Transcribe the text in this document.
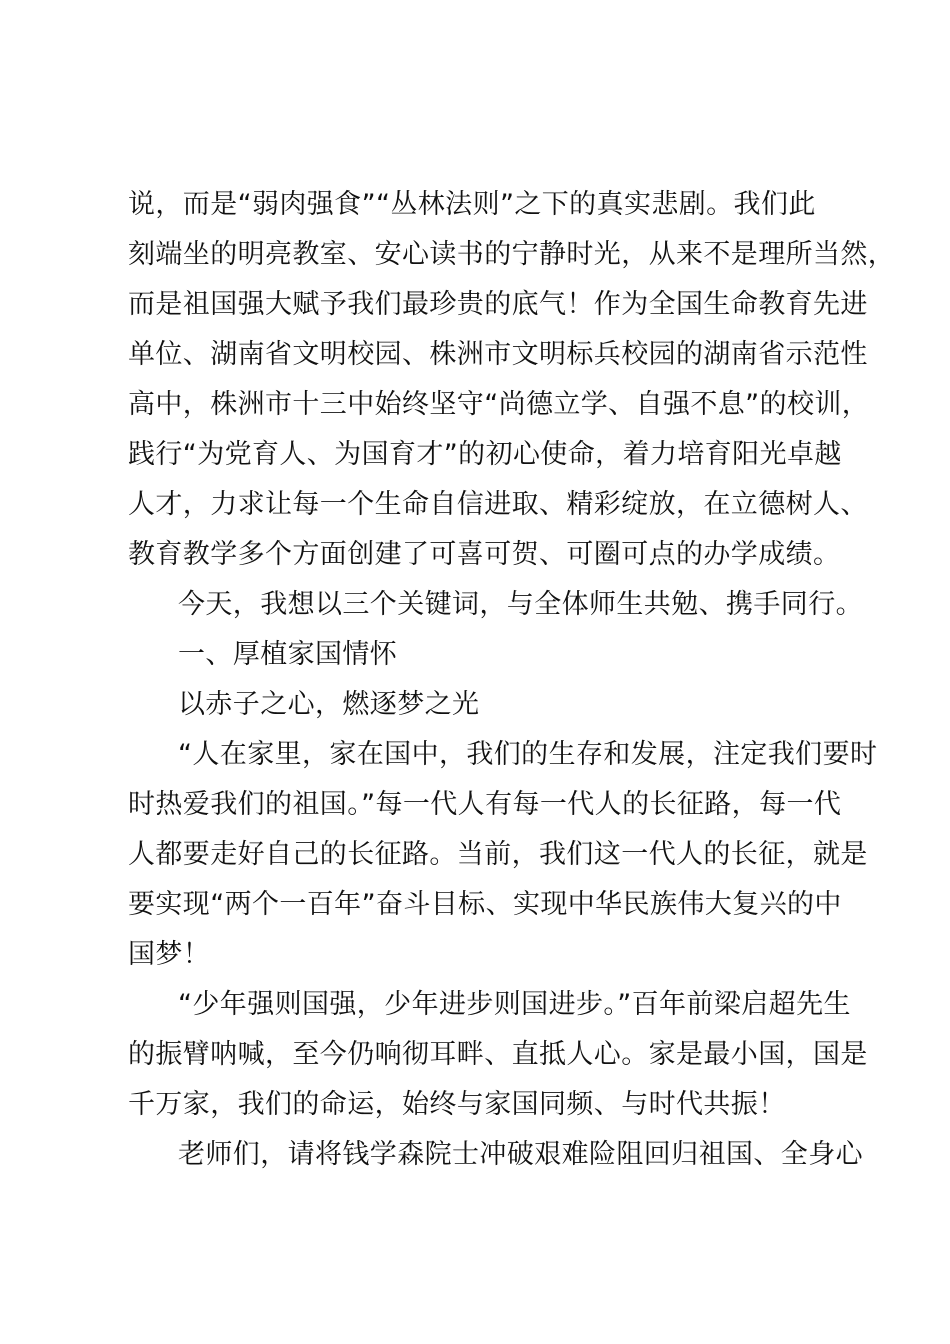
说，而是“弱肉强食”“丛林法则”之下的真实悲剧。我们此
刻端坐的明亮教室、安心读书的宁静时光，从来不是理所当然，
而是祖国强大赋予我们最珍贵的底气！作为全国生命教育先进
单位、湖南省文明校园、株洲市文明标兵校园的湖南省示范性
高中，株洲市十三中始终坚守“尚德立学、自强不息”的校训，
践行“为党育人、为国育才”的初心使命，着力培育阳光卓越
人才，力求让每一个生命自信进取、精彩绽放，在立德树人、
教育教学多个方面创建了可喜可贺、可圈可点的办学成绩。
今天，我想以三个关键词，与全体师生共勉、携手同行。
一、厚植家国情怀
以赤子之心，燃逐梦之光
“人在家里，家在国中，我们的生存和发展，注定我们要时
时热爱我们的祖国。”每一代人有每一代人的长征路，每一代
人都要走好自己的长征路。当前，我们这一代人的长征，就是
要实现“两个一百年”奋斗目标、实现中华民族伟大复兴的中
国梦！
“少年强则国强，少年进步则国进步。”百年前梁启超先生
的振臂呐喊，至今仍响彻耳畔、直抵人心。家是最小国，国是
千万家，我们的命运，始终与家国同频、与时代共振！
老师们，请将钱学森院士冲破艰难险阻回归祖国、全身心
